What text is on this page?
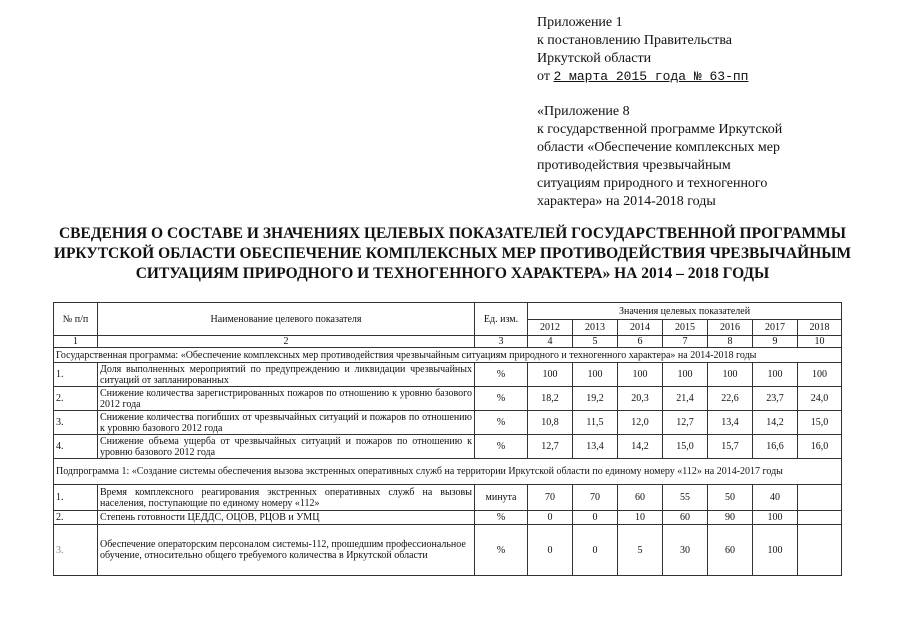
Приложение 1
к постановлению Правительства
Иркутской области
от 2 марта 2015 года № 63-пп
«Приложение 8
к государственной программе Иркутской
области «Обеспечение комплексных мер
противодействия чрезвычайным
ситуациям природного и техногенного
характера» на 2014-2018 годы
СВЕДЕНИЯ О СОСТАВЕ И ЗНАЧЕНИЯХ ЦЕЛЕВЫХ ПОКАЗАТЕЛЕЙ ГОСУДАРСТВЕННОЙ ПРОГРАММЫ
ИРКУТСКОЙ ОБЛАСТИ ОБЕСПЕЧЕНИЕ КОМПЛЕКСНЫХ МЕР ПРОТИВОДЕЙСТВИЯ ЧРЕЗВЫЧАЙНЫМ
СИТУАЦИЯМ ПРИРОДНОГО И ТЕХНОГЕННОГО ХАРАКТЕРА» НА 2014 – 2018 ГОДЫ
№ п/п	Наименование целевого показателя	Ед. изм.	Значения целевых показателей						
			2012	2013	2014	2015	2016	2017	2018
1	2	3	4	5	6	7	8	9	10
Государственная программа: «Обеспечение комплексных мер противодействия чрезвычайным ситуациям природного и техногенного характера» на 2014-2018 годы									
1.	Доля выполненных мероприятий по предупреждению и ликвидации чрезвычайных ситуаций от запланированных	%	100	100	100	100	100	100	100
2.	Снижение количества зарегистрированных пожаров по отношению к уровню базового 2012 года	%	18,2	19,2	20,3	21,4	22,6	23,7	24,0
3.	Снижение количества погибших от чрезвычайных ситуаций и пожаров по отношению к уровню базового 2012 года	%	10,8	11,5	12,0	12,7	13,4	14,2	15,0
4.	Снижение объема ущерба от чрезвычайных ситуаций и пожаров по отношению к уровню базового 2012 года	%	12,7	13,4	14,2	15,0	15,7	16,6	16,0
Подпрограмма 1: «Создание системы обеспечения вызова экстренных оперативных служб на территории Иркутской области по единому номеру «112» на 2014-2017 годы									
1.	Время комплексного реагирования экстренных оперативных служб на вызовы населения, поступающие по единому номеру «112»	минута	70	70	60	55	50	40	
2.	Степень готовности ЦЕДДС, ОЦОВ, РЦОВ и УМЦ	%	0	0	10	60	90	100	
3.	Обеспечение операторским персоналом системы-112, прошедшим профессиональное обучение, относительно общего требуемого количества в Иркутской области	%	0	0	5	30	60	100	
